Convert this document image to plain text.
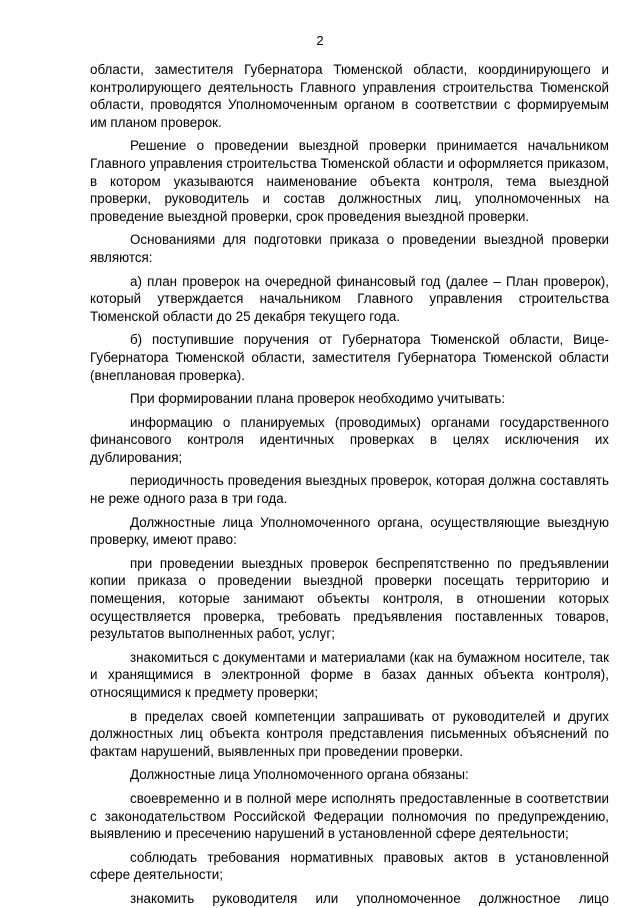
2

области, заместителя Губернатора Тюменской области, координирующего и контролирующего деятельность Главного управления строительства Тюменской области, проводятся Уполномоченным органом в соответствии с формируемым им планом проверок.

Решение о проведении выездной проверки принимается начальником Главного управления строительства Тюменской области и оформляется приказом, в котором указываются наименование объекта контроля, тема выездной проверки, руководитель и состав должностных лиц, уполномоченных на проведение выездной проверки, срок проведения выездной проверки.

Основаниями для подготовки приказа о проведении выездной проверки являются:

а) план проверок на очередной финансовый год (далее – План проверок), который утверждается начальником Главного управления строительства Тюменской области до 25 декабря текущего года.

б) поступившие поручения от Губернатора Тюменской области, Вице-Губернатора Тюменской области, заместителя Губернатора Тюменской области (внеплановая проверка).

При формировании плана проверок необходимо учитывать:

информацию о планируемых (проводимых) органами государственного финансового контроля идентичных проверках в целях исключения их дублирования;

периодичность проведения выездных проверок, которая должна составлять не реже одного раза в три года.

Должностные лица Уполномоченного органа, осуществляющие выездную проверку, имеют право:

при проведении выездных проверок беспрепятственно по предъявлении копии приказа о проведении выездной проверки посещать территорию и помещения, которые занимают объекты контроля, в отношении которых осуществляется проверка, требовать предъявления поставленных товаров, результатов выполненных работ, услуг;

знакомиться с документами и материалами (как на бумажном носителе, так и хранящимися в электронной форме в базах данных объекта контроля), относящимися к предмету проверки;

в пределах своей компетенции запрашивать от руководителей и других должностных лиц объекта контроля представления письменных объяснений по фактам нарушений, выявленных при проведении проверки.

Должностные лица Уполномоченного органа обязаны:

своевременно и в полной мере исполнять предоставленные в соответствии с законодательством Российской Федерации полномочия по предупреждению, выявлению и пресечению нарушений в установленной сфере деятельности;

соблюдать требования нормативных правовых актов в установленной сфере деятельности;

знакомить руководителя или уполномоченное должностное лицо
